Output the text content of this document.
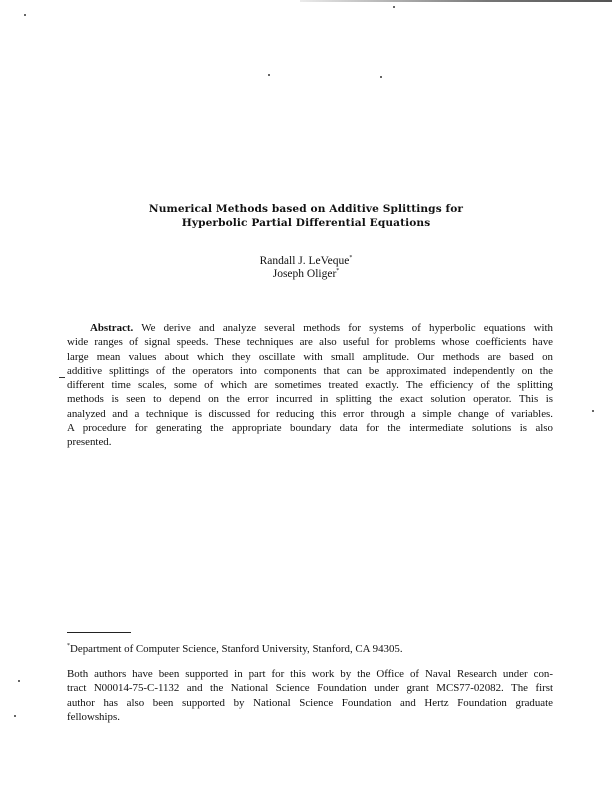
Numerical Methods based on Additive Splittings for
Hyperbolic Partial Differential Equations
Randall J. LeVeque*
Joseph Oliger*
Abstract. We derive and analyze several methods for systems of hyperbolic equations with
wide ranges of signal speeds. These techniques are also useful for problems whose coefficients have
large mean values about which they oscillate with small amplitude. Our methods are based on
additive splittings of the operators into components that can be approximated independently on the
different time scales, some of which are sometimes treated exactly. The efficiency of the splitting
methods is seen to depend on the error incurred in splitting the exact solution operator. This is
analyzed and a technique is discussed for reducing this error through a simple change of variables.
A procedure for generating the appropriate boundary data for the intermediate solutions is also
presented.
*Department of Computer Science, Stanford University, Stanford, CA 94305.
Both authors have been supported in part for this work by the Office of Naval Research under con-
tract N00014-75-C-1132 and the National Science Foundation under grant MCS77-02082. The first
author has also been supported by National Science Foundation and Hertz Foundation graduate
fellowships.
